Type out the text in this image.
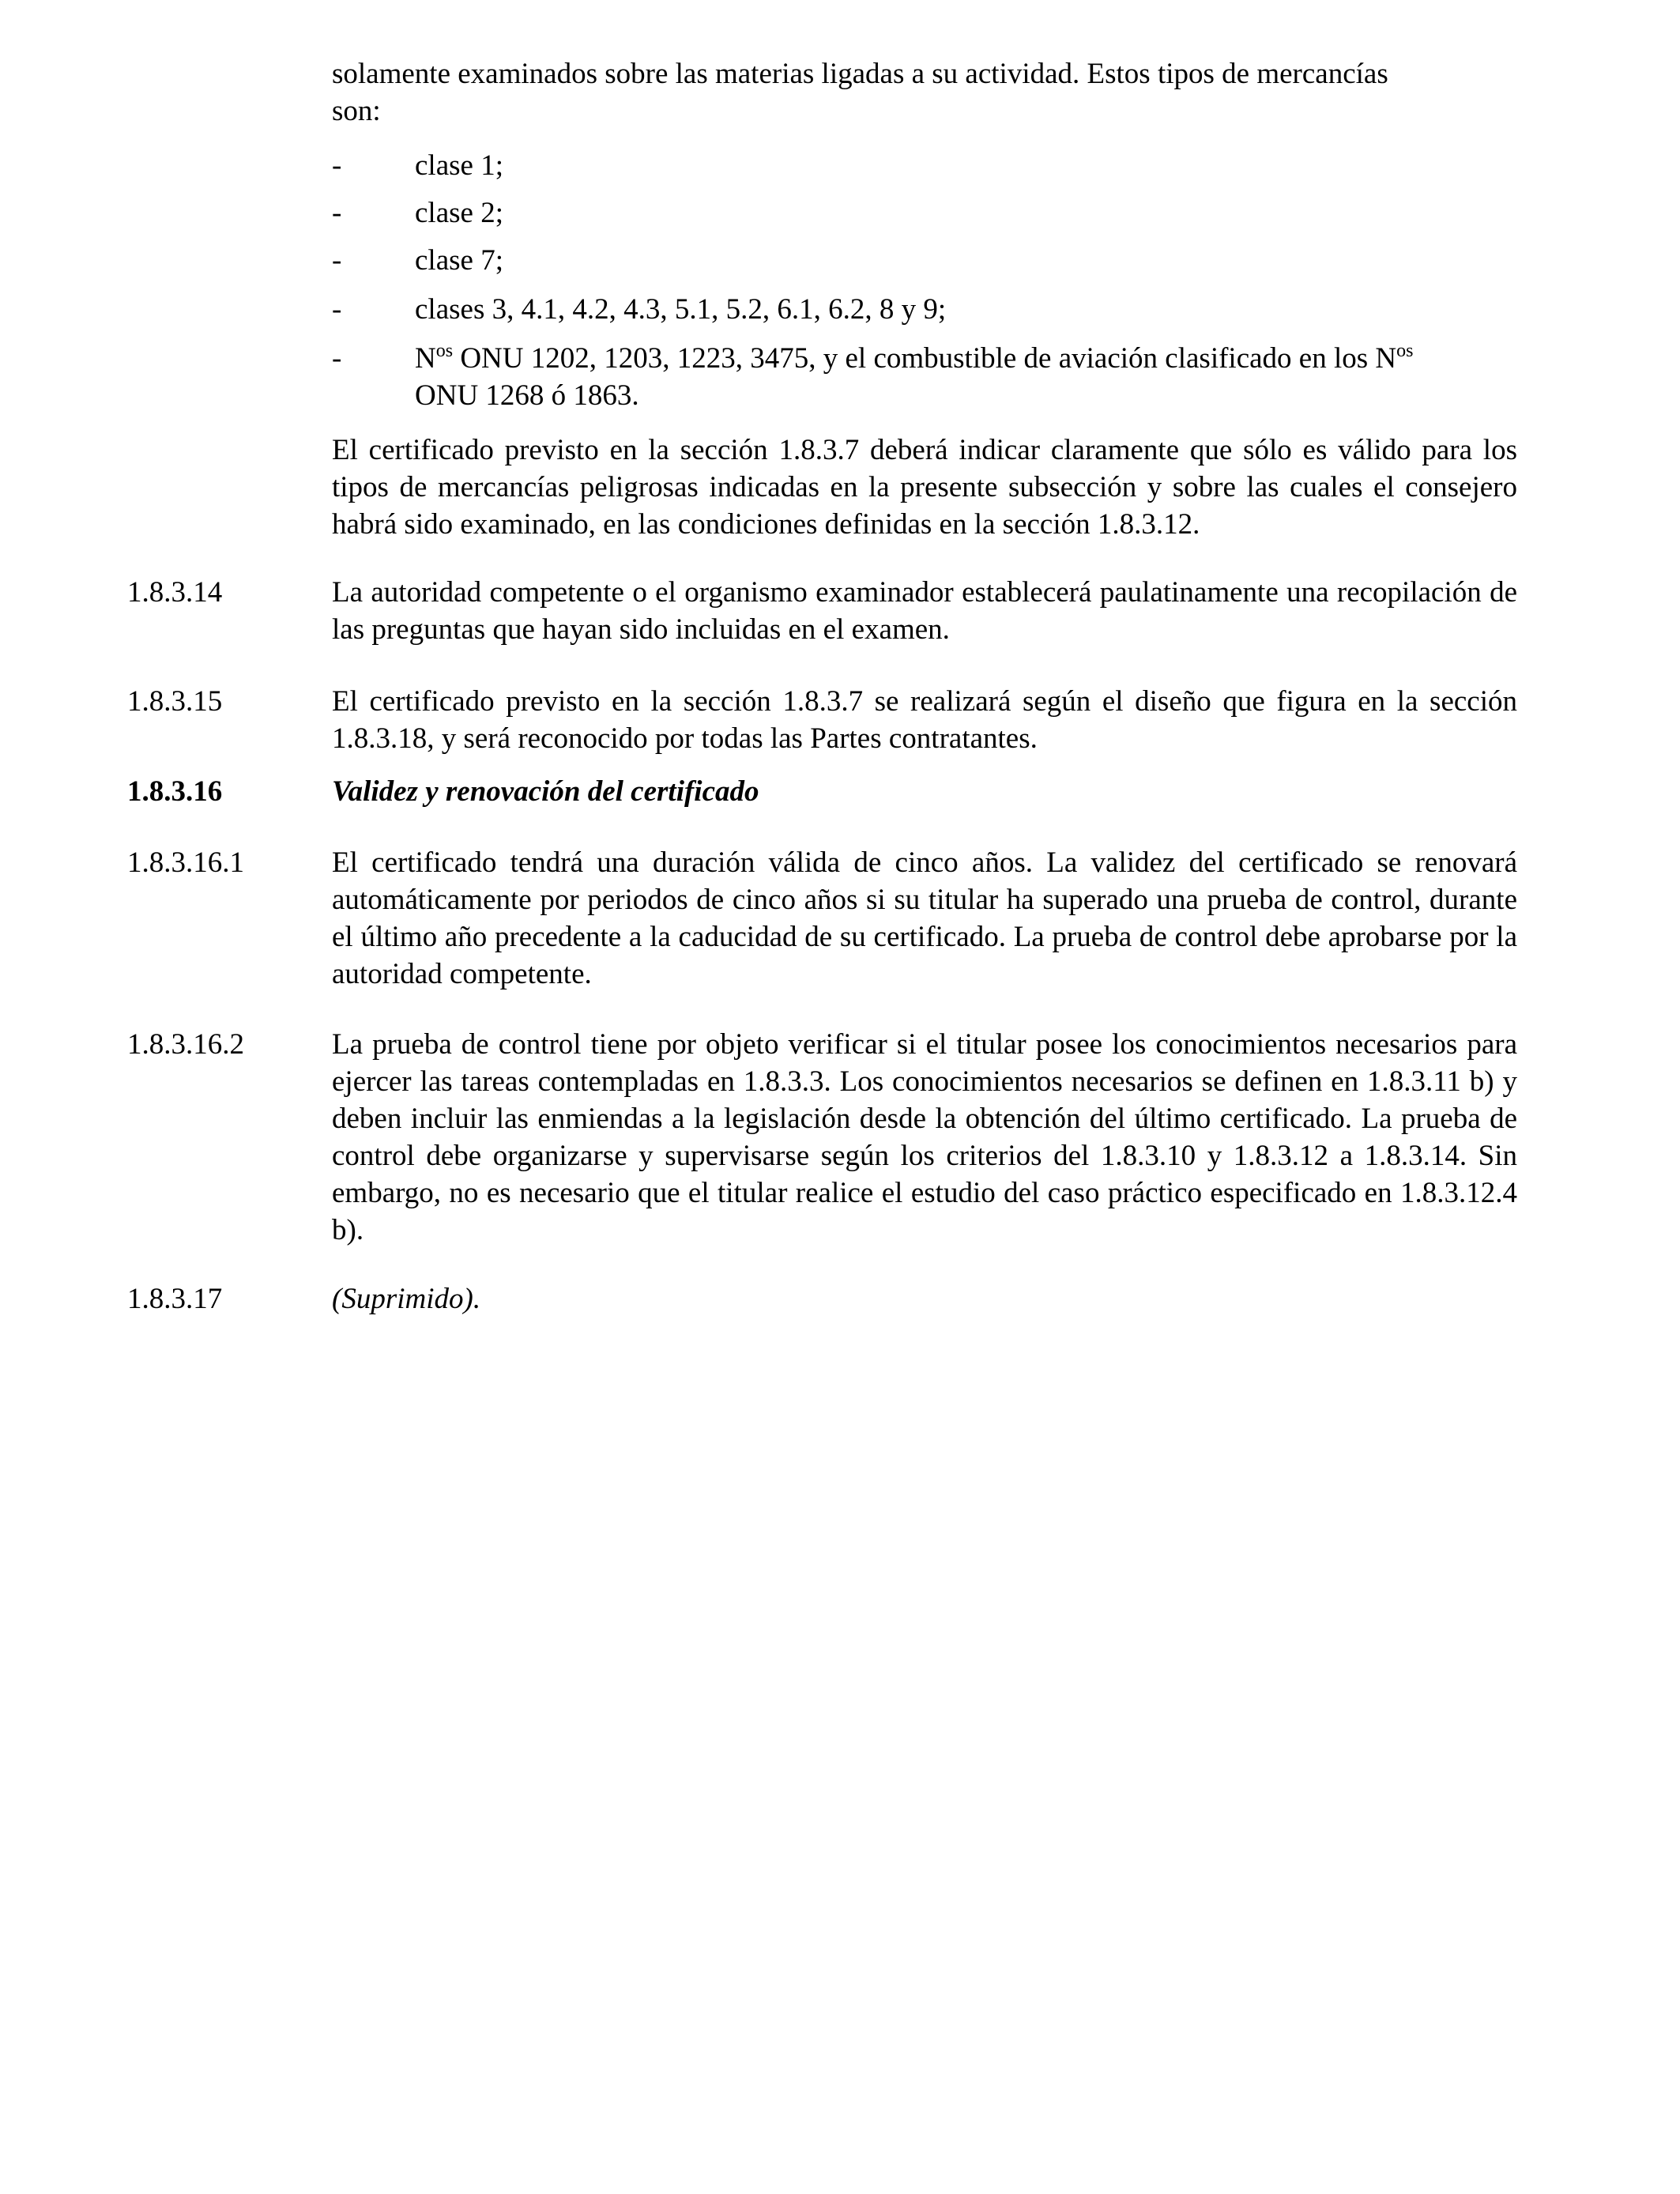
solamente examinados sobre las materias ligadas a su actividad. Estos tipos de mercancías
son:
-	clase 1;
-	clase 2;
-	clase 7;
-	clases 3, 4.1, 4.2, 4.3, 5.1, 5.2, 6.1, 6.2, 8 y 9;
-	$N^{os}$ ONU 1202, 1203, 1223, 3475, y el combustible de aviación clasificado en los $N^{os}$
ONU 1268 ó 1863.
El certificado previsto en la sección 1.8.3.7 deberá indicar claramente que sólo es válido para los tipos de mercancías peligrosas indicadas en la presente subsección y sobre las cuales el consejero habrá sido examinado, en las condiciones definidas en la sección 1.8.3.12.
1.8.3.14	La autoridad competente o el organismo examinador establecerá paulatinamente una recopilación de las preguntas que hayan sido incluidas en el examen.
1.8.3.15	El certificado previsto en la sección 1.8.3.7 se realizará según el diseño que figura en la sección 1.8.3.18, y será reconocido por todas las Partes contratantes.
1.8.3.16	Validez y renovación del certificado
1.8.3.16.1	El certificado tendrá una duración válida de cinco años. La validez del certificado se renovará automáticamente por periodos de cinco años si su titular ha superado una prueba de control, durante el último año precedente a la caducidad de su certificado. La prueba de control debe aprobarse por la autoridad competente.
1.8.3.16.2	La prueba de control tiene por objeto verificar si el titular posee los conocimientos necesarios para ejercer las tareas contempladas en 1.8.3.3. Los conocimientos necesarios se definen en 1.8.3.11 b) y deben incluir las enmiendas a la legislación desde la obtención del último certificado. La prueba de control debe organizarse y supervisarse según los criterios del 1.8.3.10 y 1.8.3.12 a 1.8.3.14. Sin embargo, no es necesario que el titular realice el estudio del caso práctico especificado en 1.8.3.12.4 b).
1.8.3.17	(Suprimido).
